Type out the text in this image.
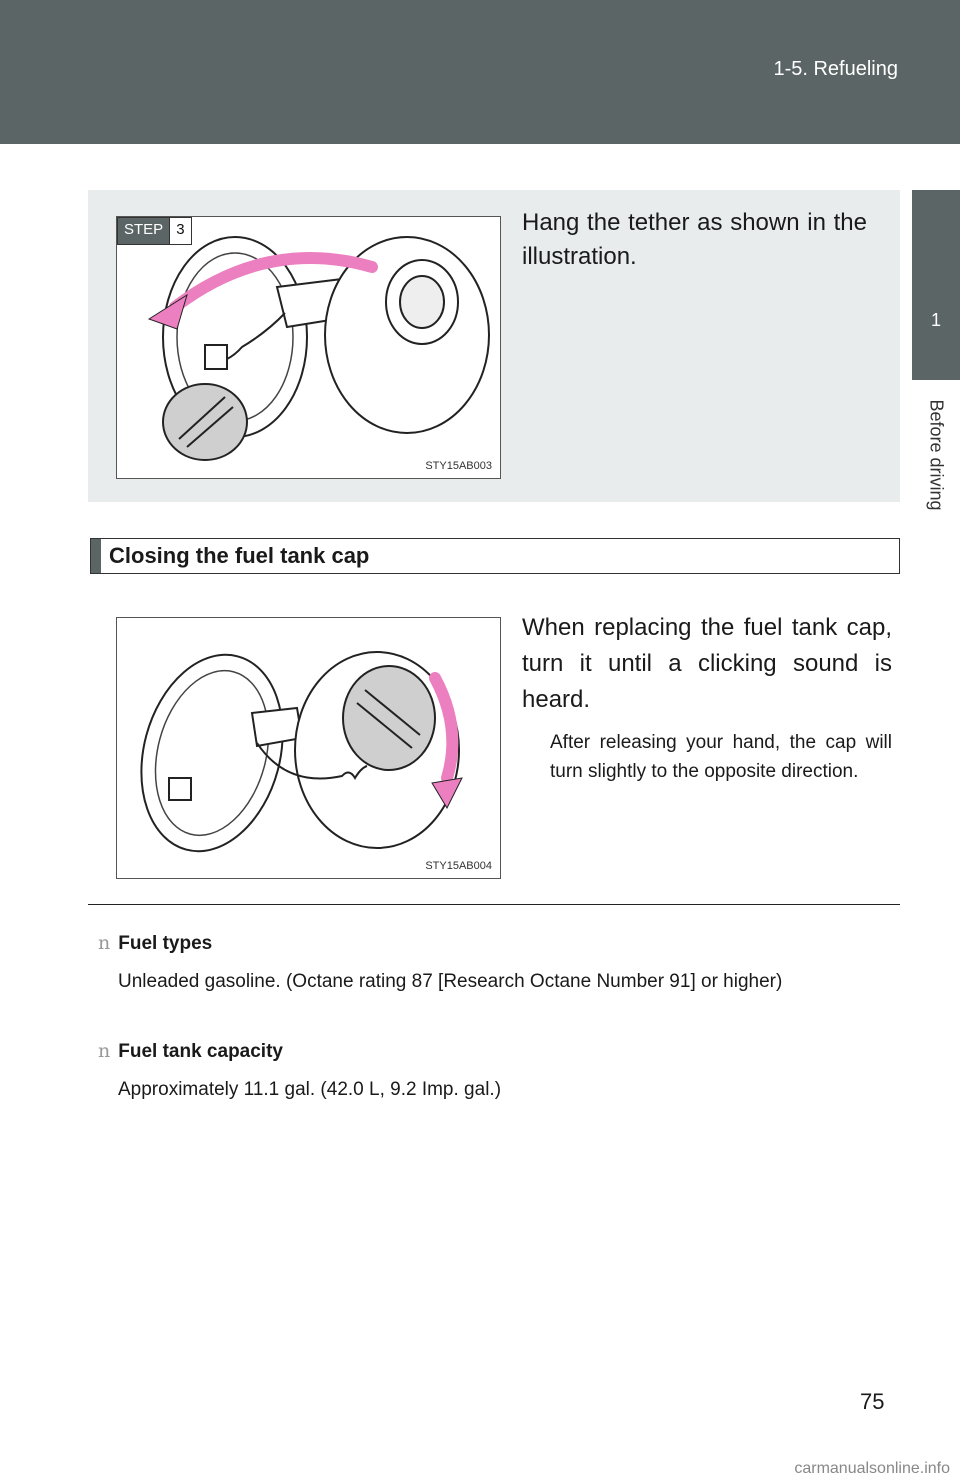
1-5. Refueling
1
Before driving
STEP 3
STY15AB003
Hang the tether as shown in the illustration.
Closing the fuel tank cap
STY15AB004
When replacing the fuel tank cap, turn it until a clicking sound is heard.
After releasing your hand, the cap will turn slightly to the opposite direction.
n Fuel types
Unleaded gasoline. (Octane rating 87 [Research Octane Number 91] or higher)
n Fuel tank capacity
Approximately 11.1 gal. (42.0 L, 9.2 Imp. gal.)
75
carmanualsonline.info
